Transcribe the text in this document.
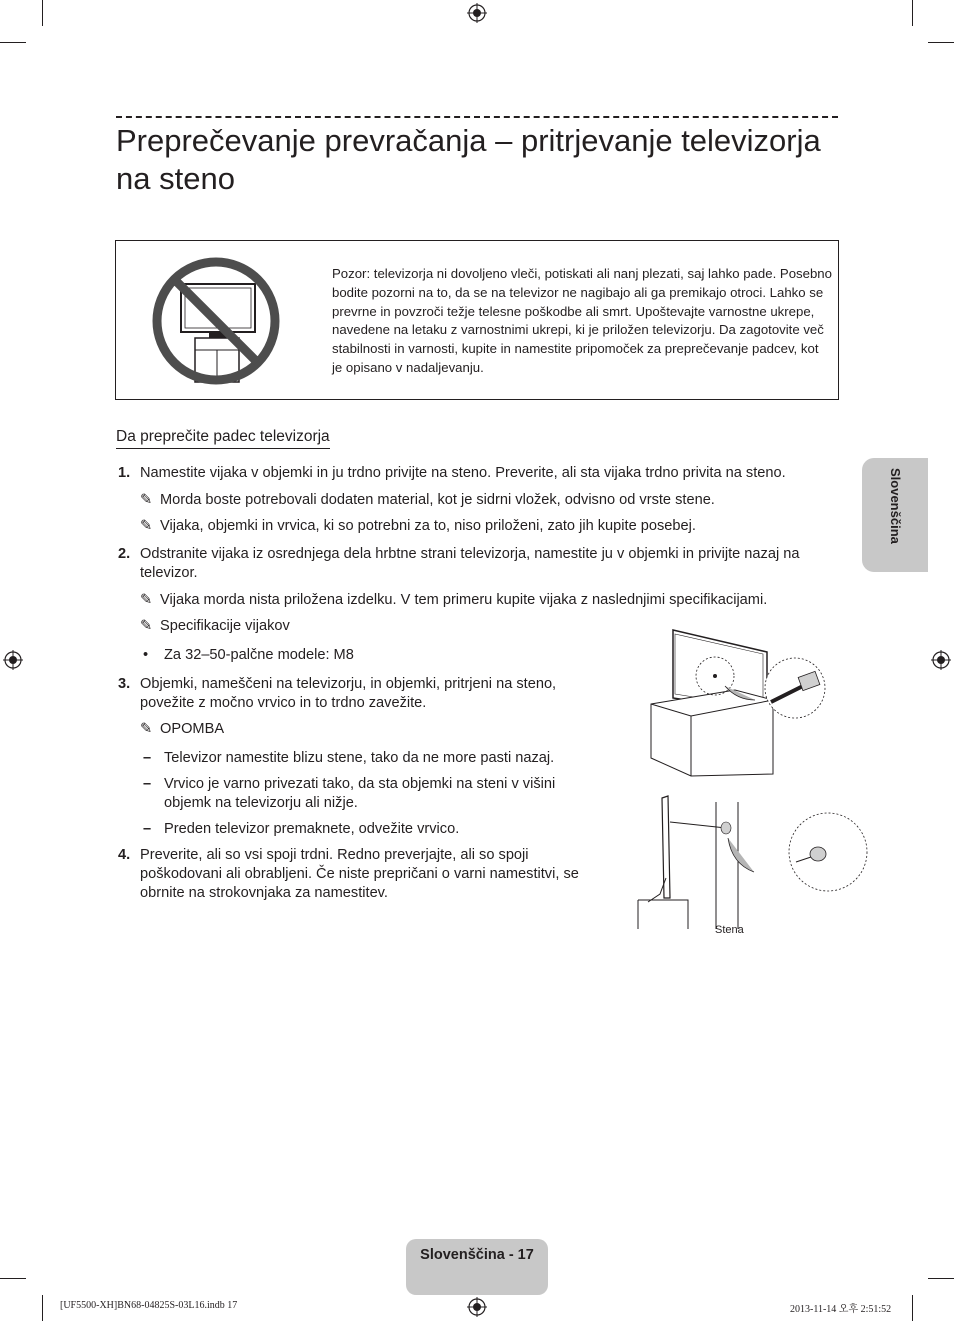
Preprečevanje prevračanja – pritrjevanje televizorja na steno
Pozor: televizorja ni dovoljeno vleči, potiskati ali nanj plezati, saj lahko pade. Posebno bodite pozorni na to, da se na televizor ne nagibajo ali ga premikajo otroci. Lahko se prevrne in povzroči težje telesne poškodbe ali smrt. Upoštevajte varnostne ukrepe, navedene na letaku z varnostnimi ukrepi, ki je priložen televizorju. Da zagotovite več stabilnosti in varnosti, kupite in namestite pripomoček za preprečevanje padcev, kot je opisano v nadaljevanju.
Da preprečite padec televizorja
1. Namestite vijaka v objemki in ju trdno privijte na steno. Preverite, ali sta vijaka trdno privita na steno.
✎ Morda boste potrebovali dodaten material, kot je sidrni vložek, odvisno od vrste stene.
✎ Vijaka, objemki in vrvica, ki so potrebni za to, niso priloženi, zato jih kupite posebej.
2. Odstranite vijaka iz osrednjega dela hrbtne strani televizorja, namestite ju v objemki in privijte nazaj na televizor.
✎ Vijaka morda nista priložena izdelku. V tem primeru kupite vijaka z naslednjimi specifikacijami.
✎ Specifikacije vijakov
• Za 32–50-palčne modele: M8
3. Objemki, nameščeni na televizorju, in objemki, pritrjeni na steno, povežite z močno vrvico in to trdno zavežite.
✎ OPOMBA
– Televizor namestite blizu stene, tako da ne more pasti nazaj.
– Vrvico je varno privezati tako, da sta objemki na steni v višini objemk na televizorju ali nižje.
– Preden televizor premaknete, odvežite vrvico.
4. Preverite, ali so vsi spoji trdni. Redno preverjajte, ali so spoji poškodovani ali obrabljeni. Če niste prepričani o varni namestitvi, se obrnite na strokovnjaka za namestitev.
Stena
Slovenščina
Slovenščina - 17
[UF5500-XH]BN68-04825S-03L16.indb 17	2013-11-14 오후 2:51:52
